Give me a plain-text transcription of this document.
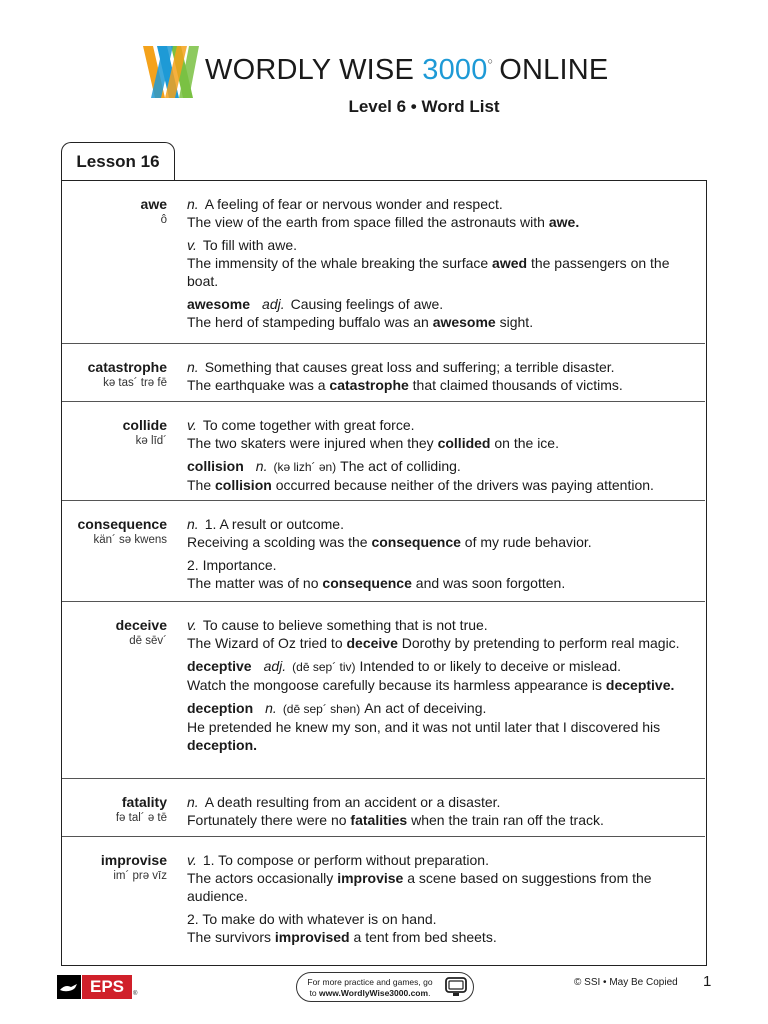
WORDLY WISE 3000○ ONLINE
Level 6 • Word List
Lesson 16
awe
ô
n. A feeling of fear or nervous wonder and respect.
The view of the earth from space filled the astronauts with awe.
v. To fill with awe.
The immensity of the whale breaking the surface awed the passengers on the boat.
awesome adj. Causing feelings of awe.
The herd of stampeding buffalo was an awesome sight.
catastrophe
kə tas´ trə fē
n. Something that causes great loss and suffering; a terrible disaster.
The earthquake was a catastrophe that claimed thousands of victims.
collide
kə līd´
v. To come together with great force.
The two skaters were injured when they collided on the ice.
collision n. (kə lizh´ ən) The act of colliding.
The collision occurred because neither of the drivers was paying attention.
consequence
kän´ sə kwens
n. 1. A result or outcome.
Receiving a scolding was the consequence of my rude behavior.
2. Importance.
The matter was of no consequence and was soon forgotten.
deceive
dē sēv´
v. To cause to believe something that is not true.
The Wizard of Oz tried to deceive Dorothy by pretending to perform real magic.
deceptive adj. (dē sep´ tiv) Intended to or likely to deceive or mislead.
Watch the mongoose carefully because its harmless appearance is deceptive.
deception n. (dē sep´ shən) An act of deceiving.
He pretended he knew my son, and it was not until later that I discovered his deception.
fatality
fə tal´ ə tē
n. A death resulting from an accident or a disaster.
Fortunately there were no fatalities when the train ran off the track.
improvise
im´ prə vīz
v. 1. To compose or perform without preparation.
The actors occasionally improvise a scene based on suggestions from the audience.
2. To make do with whatever is on hand.
The survivors improvised a tent from bed sheets.
EPS	®
For more practice and games, go
to www.WordlyWise3000.com.
© SSI • May Be Copied 1
